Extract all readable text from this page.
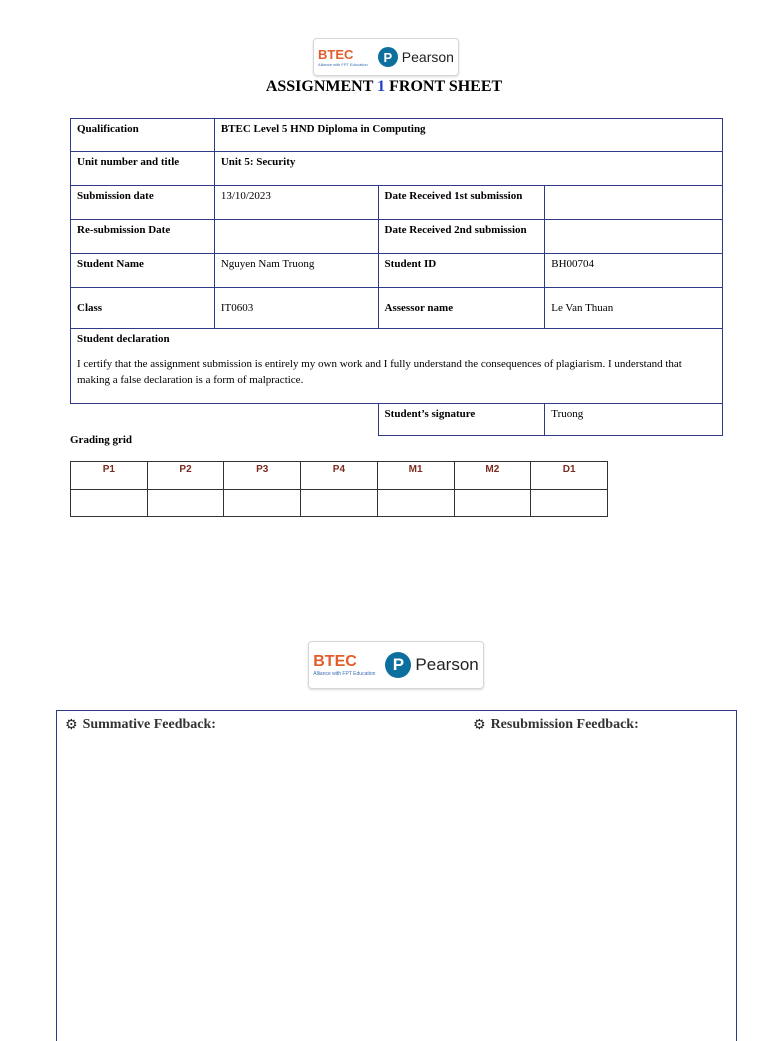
BTEC
Alliance with FPT Education	P Pearson
ASSIGNMENT 1 FRONT SHEET
Qualification	BTEC Level 5 HND Diploma in Computing		
Unit number and title	Unit 5: Security		
Submission date	13/10/2023	Date Received 1st submission	
Re-submission Date		Date Received 2nd submission	
Student Name	Nguyen Nam Truong	Student ID	BH00704
Class	IT0603	Assessor name	Le Van Thuan

Student declaration
I certify that the assignment submission is entirely my own work and I fully understand the consequences of plagiarism. I understand that making a false declaration is a form of malpractice.			

		Student’s signature	Truong
Grading grid
P1	P2	P3	P4	M1	M2	D1

BTEC
Alliance with FPT Education	P Pearson
⚙ Summative Feedback:	⚙ Resubmission Feedback:
